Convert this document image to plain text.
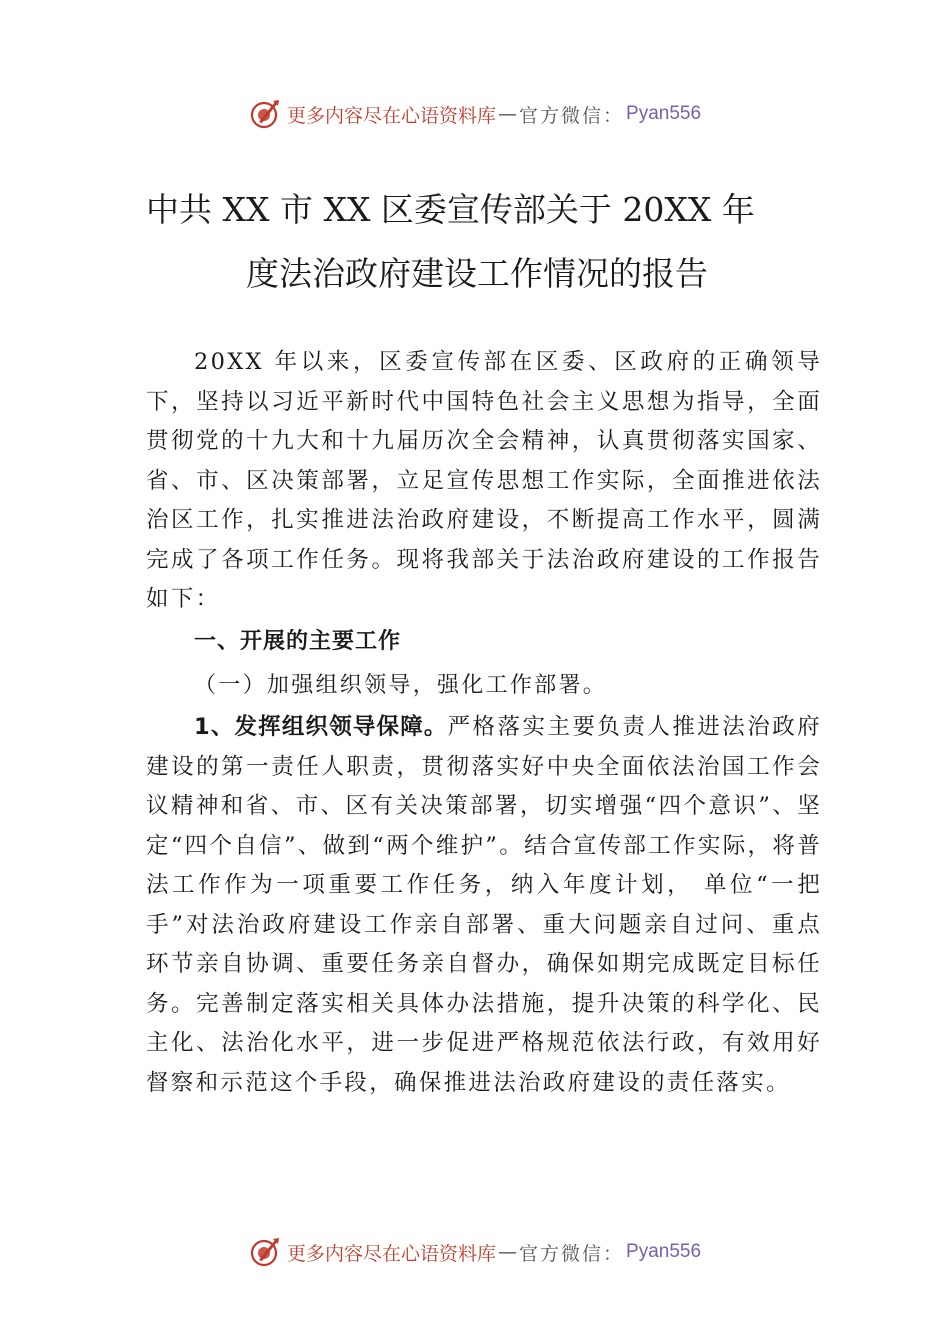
更多内容尽在心语资料库 — 官方微信 ： Pyan556
中共 XX 市 XX 区委宣传部关于 20XX 年
度法治政府建设工作情况的报告

20XX 年以来，区委宣传部在区委、区政府的正确领导下，坚持以习近平新时代中国特色社会主义思想为指导，全面贯彻党的十九大和十九届历次全会精神，认真贯彻落实国家、省、市、区决策部署，立足宣传思想工作实际，全面推进依法治区工作，扎实推进法治政府建设，不断提高工作水平，圆满完成了各项工作任务。现将我部关于法治政府建设的工作报告如下：

一、开展的主要工作
（一）加强组织领导，强化工作部署。

1、发挥组织领导保障。严格落实主要负责人推进法治政府建设的第一责任人职责，贯彻落实好中央全面依法治国工作会议精神和省、市、区有关决策部署，切实增强“四个意识”、坚定“四个自信”、做到“两个维护”。结合宣传部工作实际，将普法工作作为一项重要工作任务，纳入年度计划， 单位“一把手”对法治政府建设工作亲自部署、重大问题亲自过问、重点环节亲自协调、重要任务亲自督办，确保如期完成既定目标任务。完善制定落实相关具体办法措施，提升决策的科学化、民主化、法治化水平，进一步促进严格规范依法行政，有效用好督察和示范这个手段，确保推进法治政府建设的责任落实。

更多内容尽在心语资料库 — 官方微信 ： Pyan556
